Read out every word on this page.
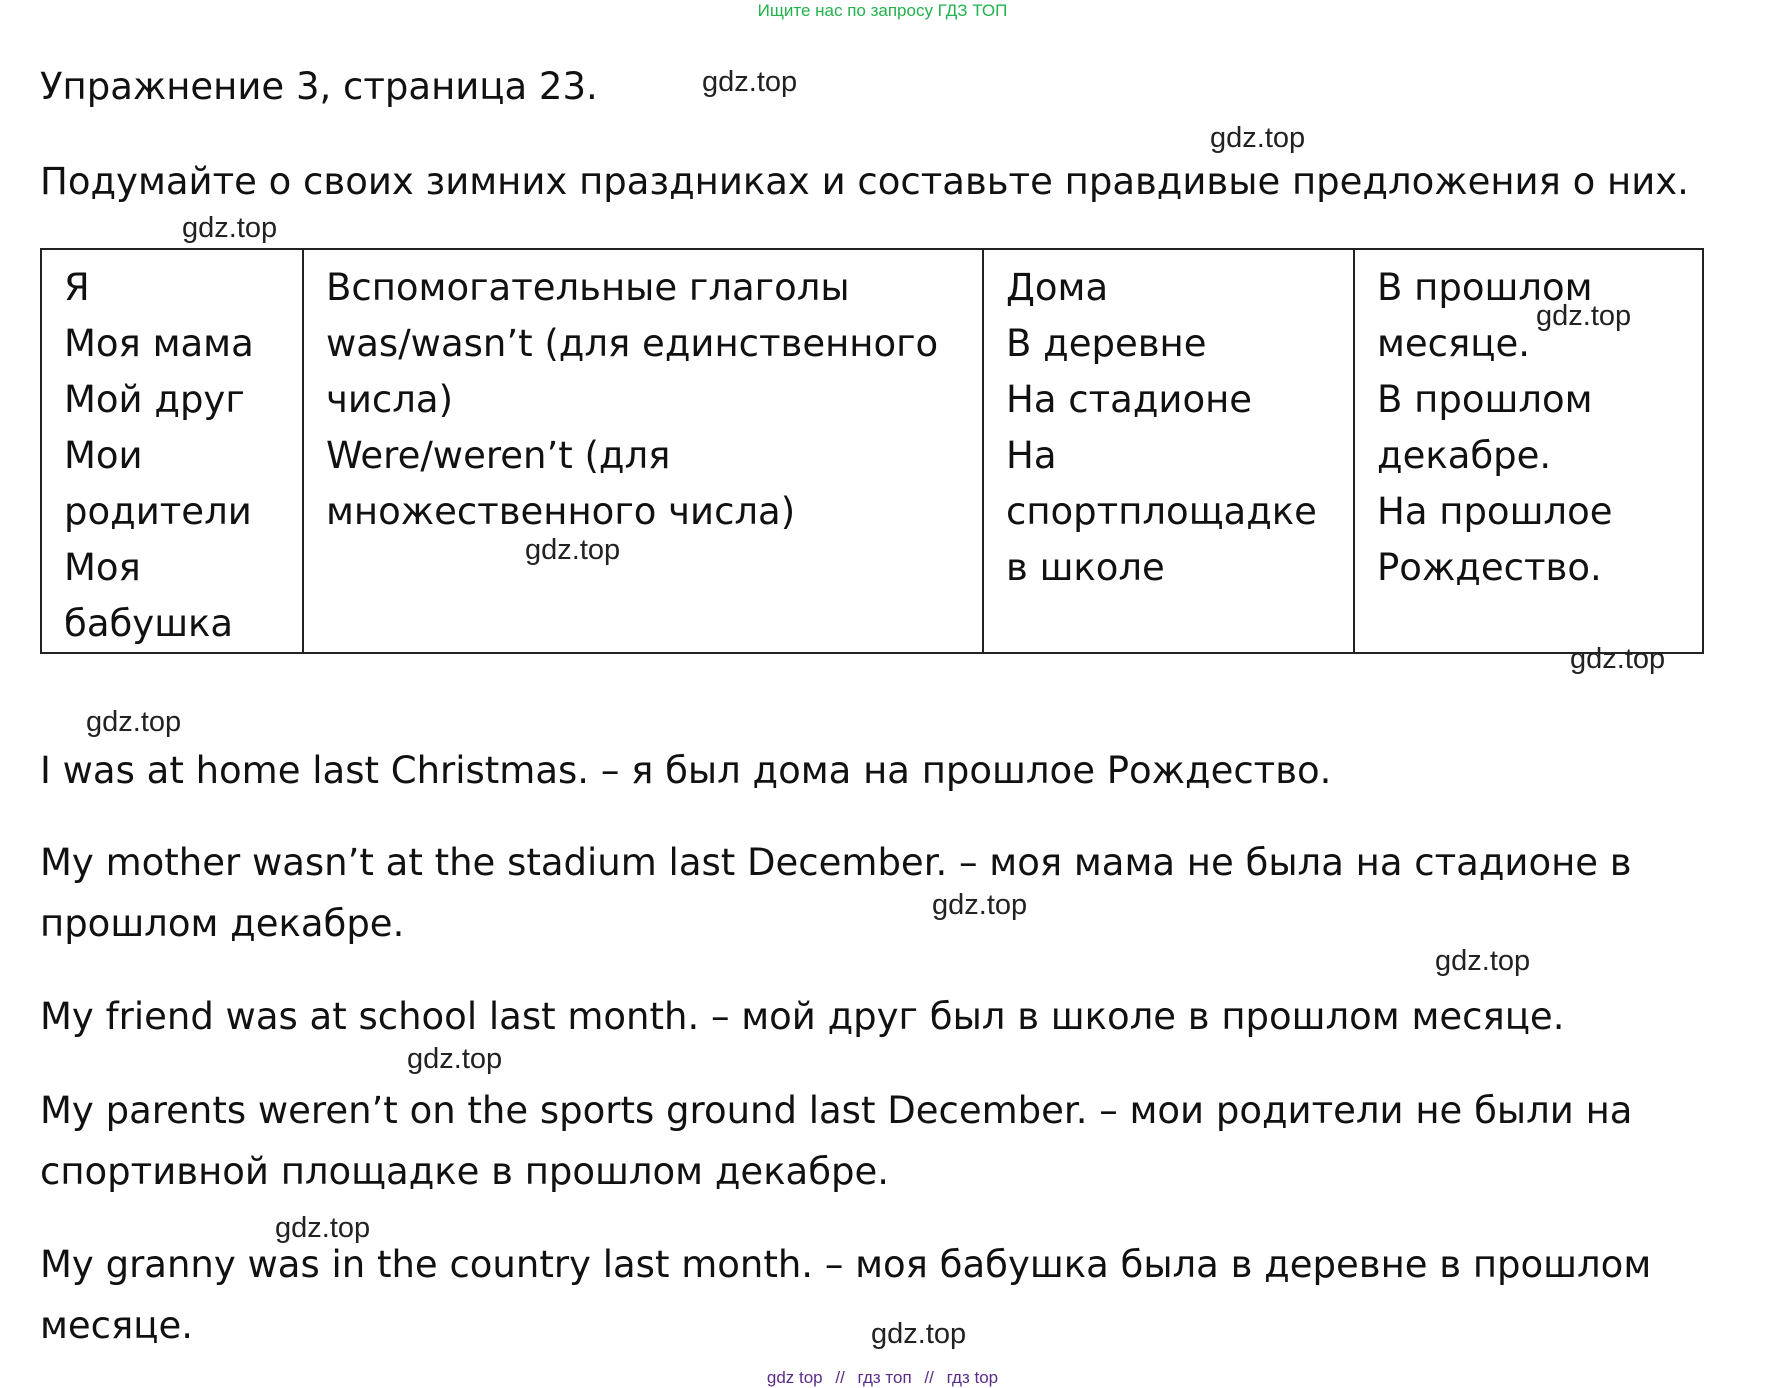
Ищите нас по запросу ГДЗ ТОП
Упражнение 3, страница 23.
Подумайте о своих зимних праздниках и составьте правдивые предложения о них.
Я
Моя мама
Мой друг
Мои
родители
Моя
бабушка

Вспомогательные глаголы
was/wasn’t (для единственного
числа)
Were/weren’t (для
множественного числа)

Дома
В деревне
На стадионе
На
спортплощадке
в школе

В прошлом
месяце.
В прошлом
декабре.
На прошлое
Рождество.
I was at home last Christmas. – я был дома на прошлое Рождество.
My mother wasn’t at the stadium last December. – моя мама не была на стадионе в прошлом декабре.
My friend was at school last month. – мой друг был в школе в прошлом месяце.
My parents weren’t on the sports ground last December. – мои родители не были на спортивной площадке в прошлом декабре.
My granny was in the country last month. – моя бабушка была в деревне в прошлом месяце.
gdz.top
gdz.top
gdz.top
gdz.top
gdz.top
gdz.top
gdz.top
gdz.top
gdz.top
gdz.top
gdz.top
gdz.top
gdz top // гдз топ // гдз top
